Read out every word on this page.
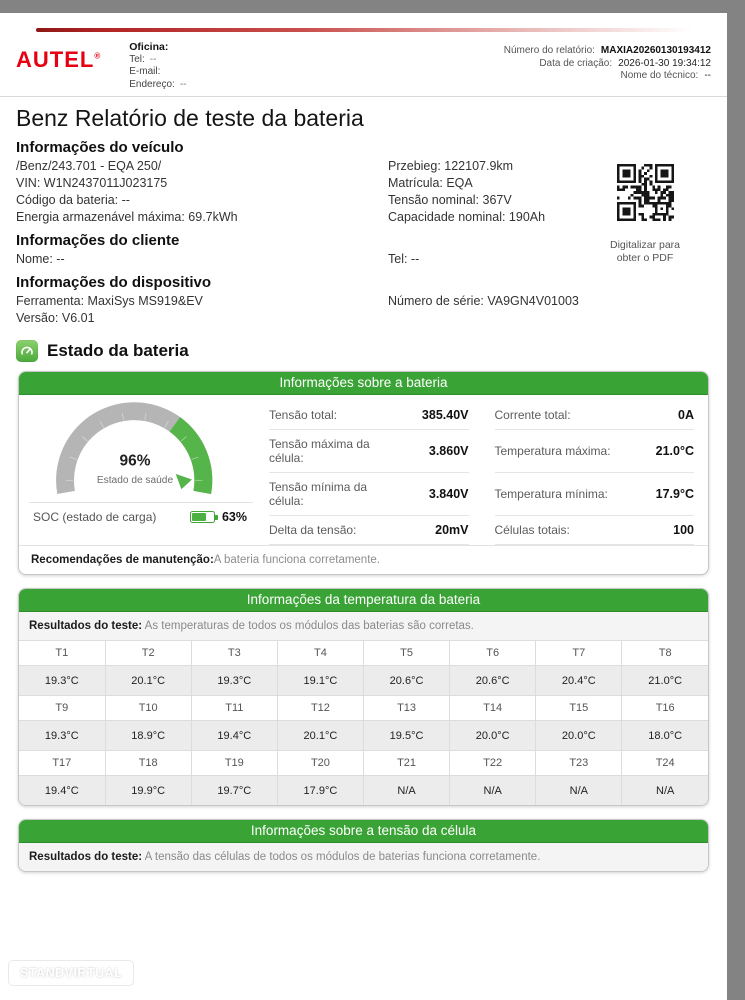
AUTEL®
Oficina:
Tel: --
E-mail:
Endereço: --
Número do relatório: MAXIA20260130193412
Data de criação: 2026-01-30 19:34:12
Nome do técnico: --
Benz Relatório de teste da bateria
Informações do veículo
/Benz/243.701 - EQA 250/	Przebieg: 122107.9km
VIN: W1N2437011J023175	Matrícula: EQA
Código da bateria: --	Tensão nominal: 367V
Energia armazenável máxima: 69.7kWh	Capacidade nominal: 190Ah
Digitalizar para obter o PDF
Informações do cliente
Nome: --	Tel: --
Informações do dispositivo
Ferramenta: MaxiSys MS919&EV	Número de série: VA9GN4V01003
Versão: V6.01
Estado da bateria
Informações sobre a bateria
96%
Estado de saúde
SOC (estado de carga)	63%
Tensão total:	385.40V Corrente total:	0A
Tensão máxima da célula:	3.860V Temperatura máxima:	21.0°C
Tensão mínima da célula:	3.840V Temperatura mínima:	17.9°C
Delta da tensão:	20mV Células totais:	100
Recomendações de manutenção:A bateria funciona corretamente.
Informações da temperatura da bateria
Resultados do teste: As temperaturas de todos os módulos das baterias são corretas.
T1	T2	T3	T4	T5	T6	T7	T8
19.3°C	20.1°C	19.3°C	19.1°C	20.6°C	20.6°C	20.4°C	21.0°C
T9	T10	T11	T12	T13	T14	T15	T16
19.3°C	18.9°C	19.4°C	20.1°C	19.5°C	20.0°C	20.0°C	18.0°C
T17	T18	T19	T20	T21	T22	T23	T24
19.4°C	19.9°C	19.7°C	17.9°C	N/A	N/A	N/A	N/A
Informações sobre a tensão da célula
Resultados do teste: A tensão das células de todos os módulos de baterias funciona corretamente.
STANDVIRTUAL
